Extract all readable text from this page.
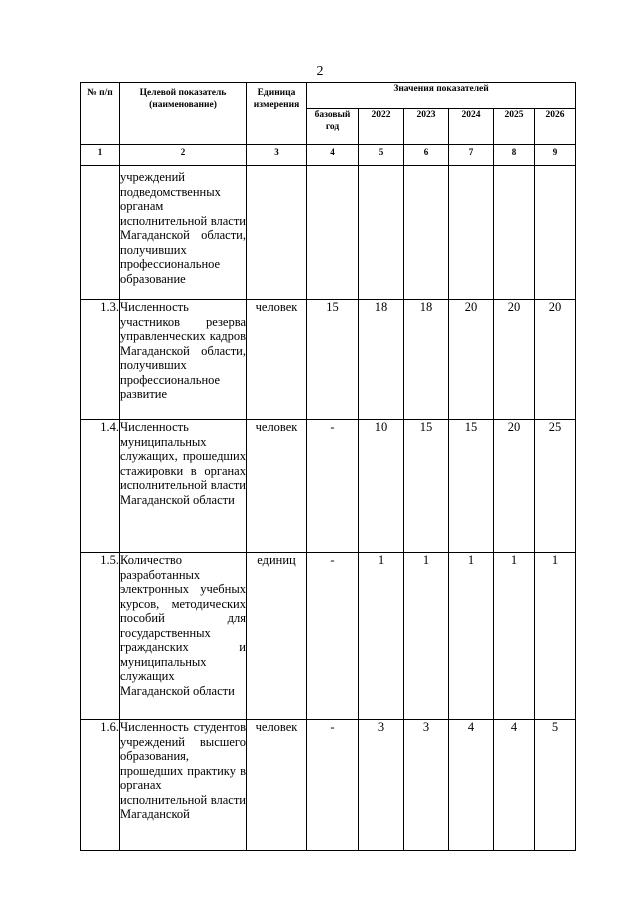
2
№ п/п	Целевой показатель (наименование)	Единица измерения	Значения показателей					
			базовый год	2022	2023	2024	2025	2026
1	2	3	4	5	6	7	8	9
	учреждений подведомственных органам исполнительной власти Магаданской области, получивших профессиональное образование							
1.3.	Численность участников резерва управленческих кадров Магаданской области, получивших профессиональное развитие	человек	15	18	18	20	20	20
1.4.	Численность муниципальных служащих, прошедших стажировки в органах исполнительной власти Магаданской области	человек	-	10	15	15	20	25
1.5.	Количество разработанных электронных учебных курсов, методических пособий для государственных гражданских и муниципальных служащих Магаданской области	единиц	-	1	1	1	1	1
1.6.	Численность студентов учреждений высшего образования, прошедших практику в органах исполнительной власти Магаданской	человек	-	3	3	4	4	5
